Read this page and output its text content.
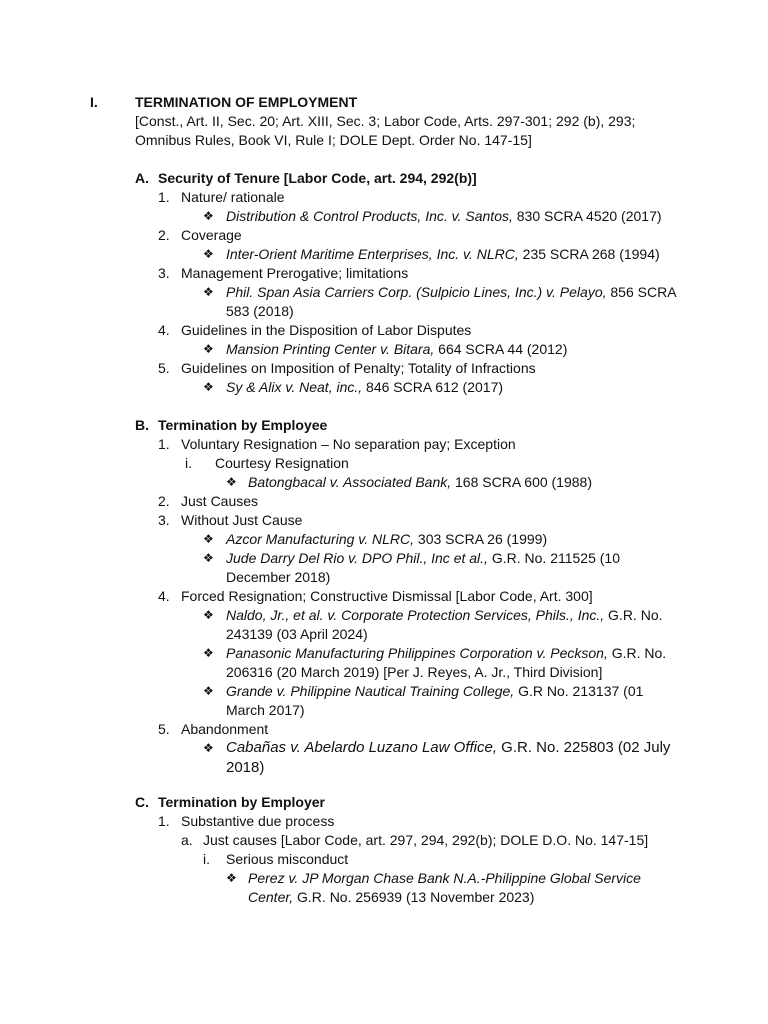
I.	TERMINATION OF EMPLOYMENT
[Const., Art. II, Sec. 20; Art. XIII, Sec. 3; Labor Code, Arts. 297-301; 292 (b), 293;
Omnibus Rules, Book VI, Rule I; DOLE Dept. Order No. 147-15]
A. Security of Tenure [Labor Code, art. 294, 292(b)]
1. Nature/ rationale
❖ Distribution & Control Products, Inc. v. Santos, 830 SCRA 4520 (2017)
2. Coverage
❖ Inter-Orient Maritime Enterprises, Inc. v. NLRC, 235 SCRA 268 (1994)
3. Management Prerogative; limitations
❖ Phil. Span Asia Carriers Corp. (Sulpicio Lines, Inc.) v. Pelayo, 856 SCRA
583 (2018)
4. Guidelines in the Disposition of Labor Disputes
❖ Mansion Printing Center v. Bitara, 664 SCRA 44 (2012)
5. Guidelines on Imposition of Penalty; Totality of Infractions
❖ Sy & Alix v. Neat, inc., 846 SCRA 612 (2017)
B. Termination by Employee
1. Voluntary Resignation – No separation pay; Exception
i. Courtesy Resignation
❖ Batongbacal v. Associated Bank, 168 SCRA 600 (1988)
2. Just Causes
3. Without Just Cause
❖ Azcor Manufacturing v. NLRC, 303 SCRA 26 (1999)
❖ Jude Darry Del Rio v. DPO Phil., Inc et al., G.R. No. 211525 (10
December 2018)
4. Forced Resignation; Constructive Dismissal [Labor Code, Art. 300]
❖ Naldo, Jr., et al. v. Corporate Protection Services, Phils., Inc., G.R. No.
243139 (03 April 2024)
❖ Panasonic Manufacturing Philippines Corporation v. Peckson, G.R. No.
206316 (20 March 2019) [Per J. Reyes, A. Jr., Third Division]
❖ Grande v. Philippine Nautical Training College, G.R No. 213137 (01
March 2017)
5. Abandonment
❖ Cabañas v. Abelardo Luzano Law Office, G.R. No. 225803 (02 July
2018)
C. Termination by Employer
1. Substantive due process
a. Just causes [Labor Code, art. 297, 294, 292(b); DOLE D.O. No. 147-15]
i. Serious misconduct
❖ Perez v. JP Morgan Chase Bank N.A.-Philippine Global Service
Center, G.R. No. 256939 (13 November 2023)
